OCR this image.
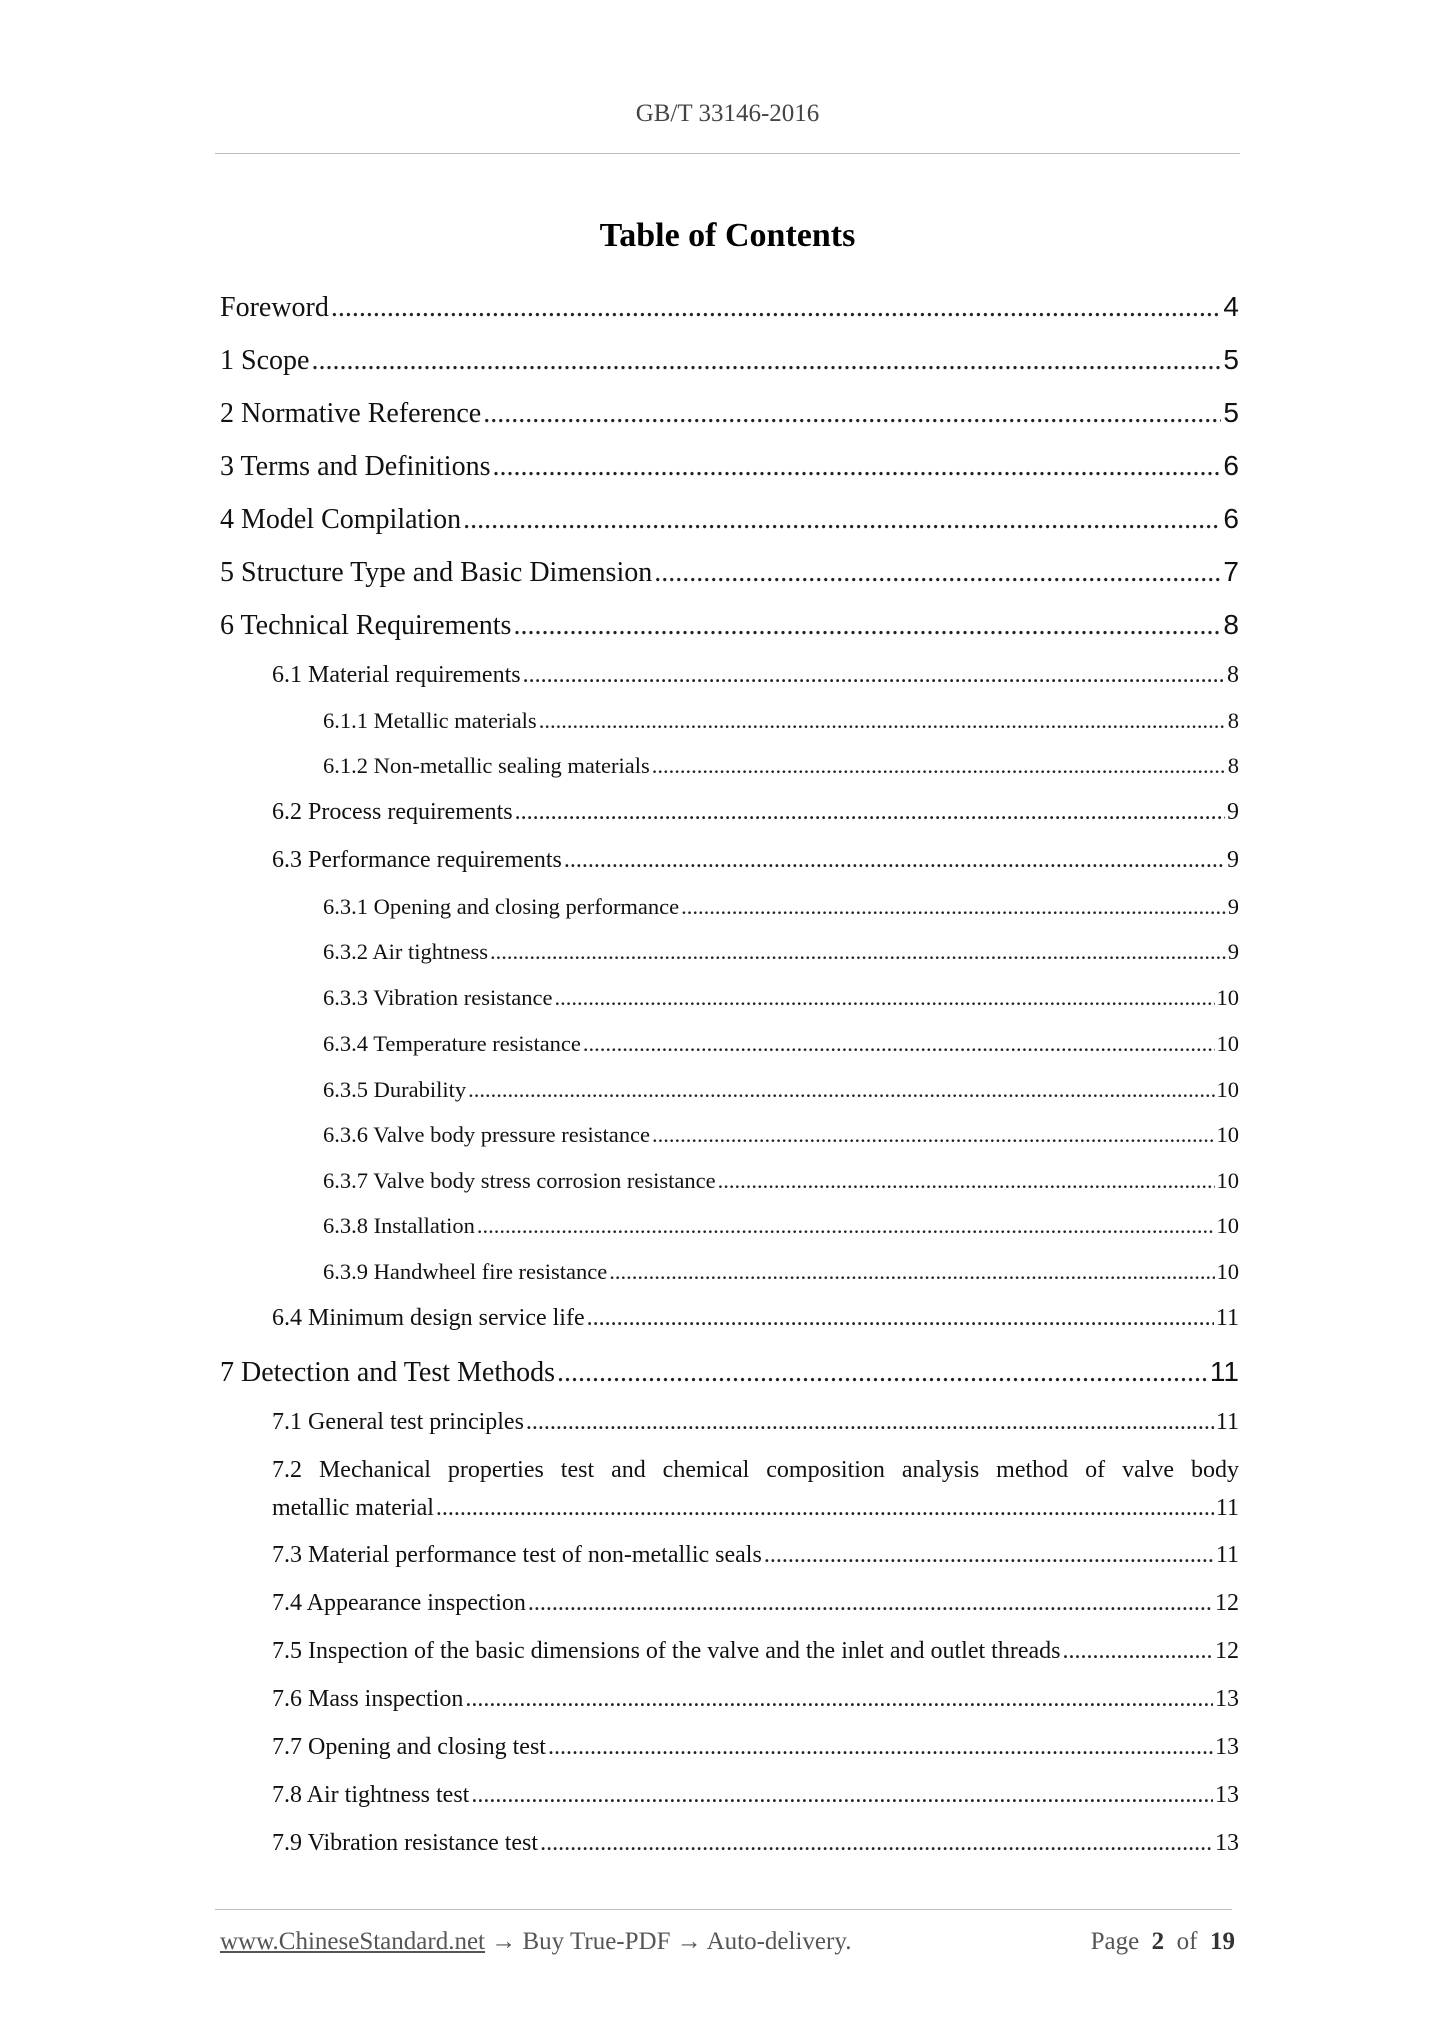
GB/T 33146-2016
Table of Contents
Foreword .....	4
1 Scope .....	5
2 Normative Reference .....	5
3 Terms and Definitions .....	6
4 Model Compilation .....	6
5 Structure Type and Basic Dimension .....	7
6 Technical Requirements .....	8
6.1 Material requirements .....	8
6.1.1 Metallic materials .....	8
6.1.2 Non-metallic sealing materials .....	8
6.2 Process requirements .....	9
6.3 Performance requirements .....	9
6.3.1 Opening and closing performance .....	9
6.3.2 Air tightness .....	9
6.3.3 Vibration resistance .....	10
6.3.4 Temperature resistance .....	10
6.3.5 Durability .....	10
6.3.6 Valve body pressure resistance .....	10
6.3.7 Valve body stress corrosion resistance .....	10
6.3.8 Installation .....	10
6.3.9 Handwheel fire resistance .....	10
6.4 Minimum design service life .....	11
7 Detection and Test Methods .....	11
7.1 General test principles .....	11
7.2 Mechanical properties test and chemical composition analysis method of valve body
metallic material .....	11
7.3 Material performance test of non-metallic seals .....	11
7.4 Appearance inspection .....	12
7.5 Inspection of the basic dimensions of the valve and the inlet and outlet threads .....	12
7.6 Mass inspection .....	13
7.7 Opening and closing test .....	13
7.8 Air tightness test .....	13
7.9 Vibration resistance test .....	13
www.ChineseStandard.net → Buy True-PDF → Auto-delivery.	Page 2 of 19
